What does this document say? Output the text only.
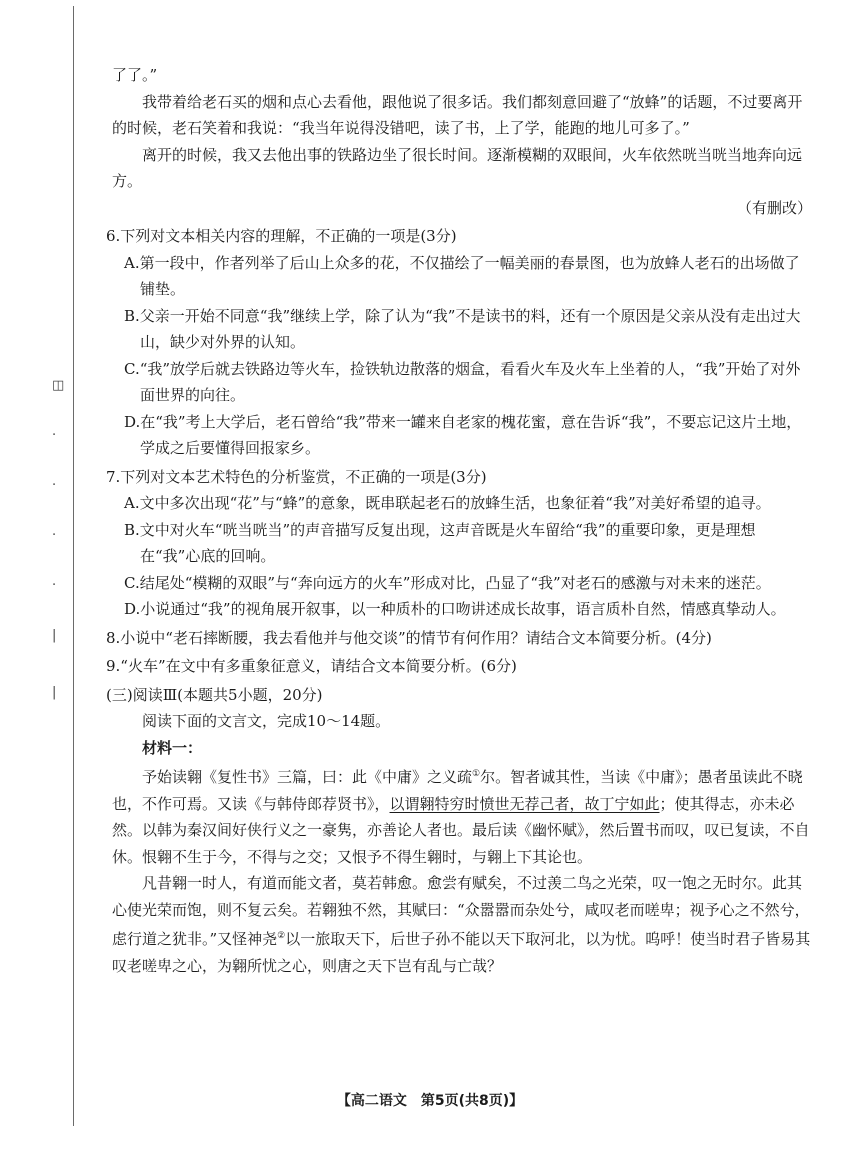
◫
·
·
·
·
|
|

了了。”

我带着给老石买的烟和点心去看他，跟他说了很多话。我们都刻意回避了“放蜂”的话题，不过要离开的时候，老石笑着和我说：“我当年说得没错吧，读了书，上了学，能跑的地儿可多了。”

离开的时候，我又去他出事的铁路边坐了很长时间。逐渐模糊的双眼间，火车依然咣当咣当地奔向远方。

（有删改）

6.下列对文本相关内容的理解，不正确的一项是(3分)

A.第一段中，作者列举了后山上众多的花，不仅描绘了一幅美丽的春景图，也为放蜂人老石的出场做了铺垫。

B.父亲一开始不同意“我”继续上学，除了认为“我”不是读书的料，还有一个原因是父亲从没有走出过大山，缺少对外界的认知。

C.“我”放学后就去铁路边等火车，捡铁轨边散落的烟盒，看看火车及火车上坐着的人，“我”开始了对外面世界的向往。

D.在“我”考上大学后，老石曾给“我”带来一罐来自老家的槐花蜜，意在告诉“我”，不要忘记这片土地，学成之后要懂得回报家乡。

7.下列对文本艺术特色的分析鉴赏，不正确的一项是(3分)

A.文中多次出现“花”与“蜂”的意象，既串联起老石的放蜂生活，也象征着“我”对美好希望的追寻。

B.文中对火车“咣当咣当”的声音描写反复出现，这声音既是火车留给“我”的重要印象，更是理想在“我”心底的回响。

C.结尾处“模糊的双眼”与“奔向远方的火车”形成对比，凸显了“我”对老石的感激与对未来的迷茫。

D.小说通过“我”的视角展开叙事，以一种质朴的口吻讲述成长故事，语言质朴自然，情感真挚动人。

8.小说中“老石摔断腰，我去看他并与他交谈”的情节有何作用？请结合文本简要分析。(4分)

9.“火车”在文中有多重象征意义，请结合文本简要分析。(6分)

(三)阅读Ⅲ(本题共5小题，20分)

阅读下面的文言文，完成10～14题。

材料一：

予始读翱《复性书》三篇，曰：此《中庸》之义疏①尔。智者诚其性，当读《中庸》；愚者虽读此不晓也，不作可焉。又读《与韩侍郎荐贤书》，以谓翱特穷时愤世无荐己者，故丁宁如此；使其得志，亦未必然。以韩为秦汉间好侠行义之一豪隽，亦善论人者也。最后读《幽怀赋》，然后置书而叹，叹已复读，不自休。恨翱不生于今，不得与之交；又恨予不得生翱时，与翱上下其论也。

凡昔翱一时人，有道而能文者，莫若韩愈。愈尝有赋矣，不过羡二鸟之光荣，叹一饱之无时尔。此其心使光荣而饱，则不复云矣。若翱独不然，其赋曰：“众嚣嚣而杂处兮，咸叹老而嗟卑；视予心之不然兮，虑行道之犹非。”又怪神尧②以一旅取天下，后世子孙不能以天下取河北，以为忧。呜呼！使当时君子皆易其叹老嗟卑之心，为翱所忧之心，则唐之天下岂有乱与亡哉？

【高二语文　第5页(共8页)】
